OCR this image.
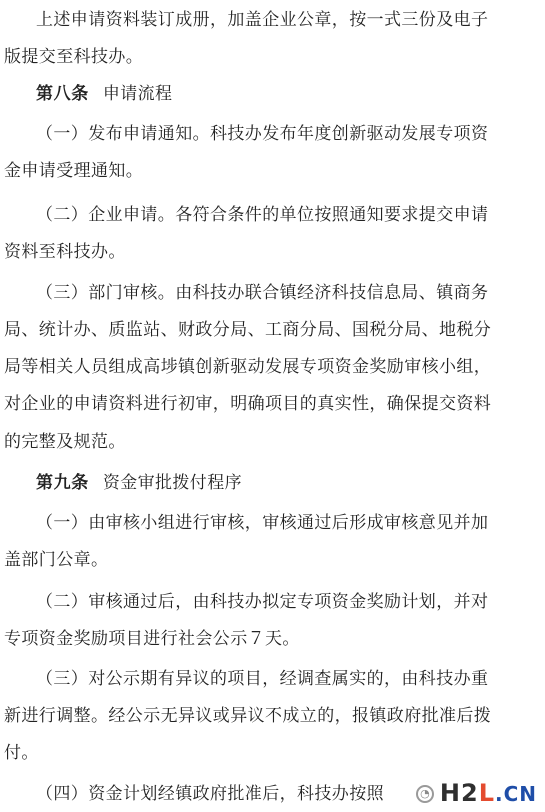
上述申请资料装订成册，加盖企业公章，按一式三份及电子
版提交至科技办。
第八条 申请流程
（一）发布申请通知。科技办发布年度创新驱动发展专项资
金申请受理通知。
（二）企业申请。各符合条件的单位按照通知要求提交申请
资料至科技办。
（三）部门审核。由科技办联合镇经济科技信息局、镇商务
局、统计办、质监站、财政分局、工商分局、国税分局、地税分
局等相关人员组成高埗镇创新驱动发展专项资金奖励审核小组，
对企业的申请资料进行初审，明确项目的真实性，确保提交资料
的完整及规范。
第九条 资金审批拨付程序
（一）由审核小组进行审核，审核通过后形成审核意见并加
盖部门公章。
（二）审核通过后，由科技办拟定专项资金奖励计划，并对
专项资金奖励项目进行社会公示７天。
（三）对公示期有异议的项目，经调查属实的，由科技办重
新进行调整。经公示无异议或异议不成立的，报镇政府批准后拨
付。
（四）资金计划经镇政府批准后，科技办按照	◔ H2L.CN
